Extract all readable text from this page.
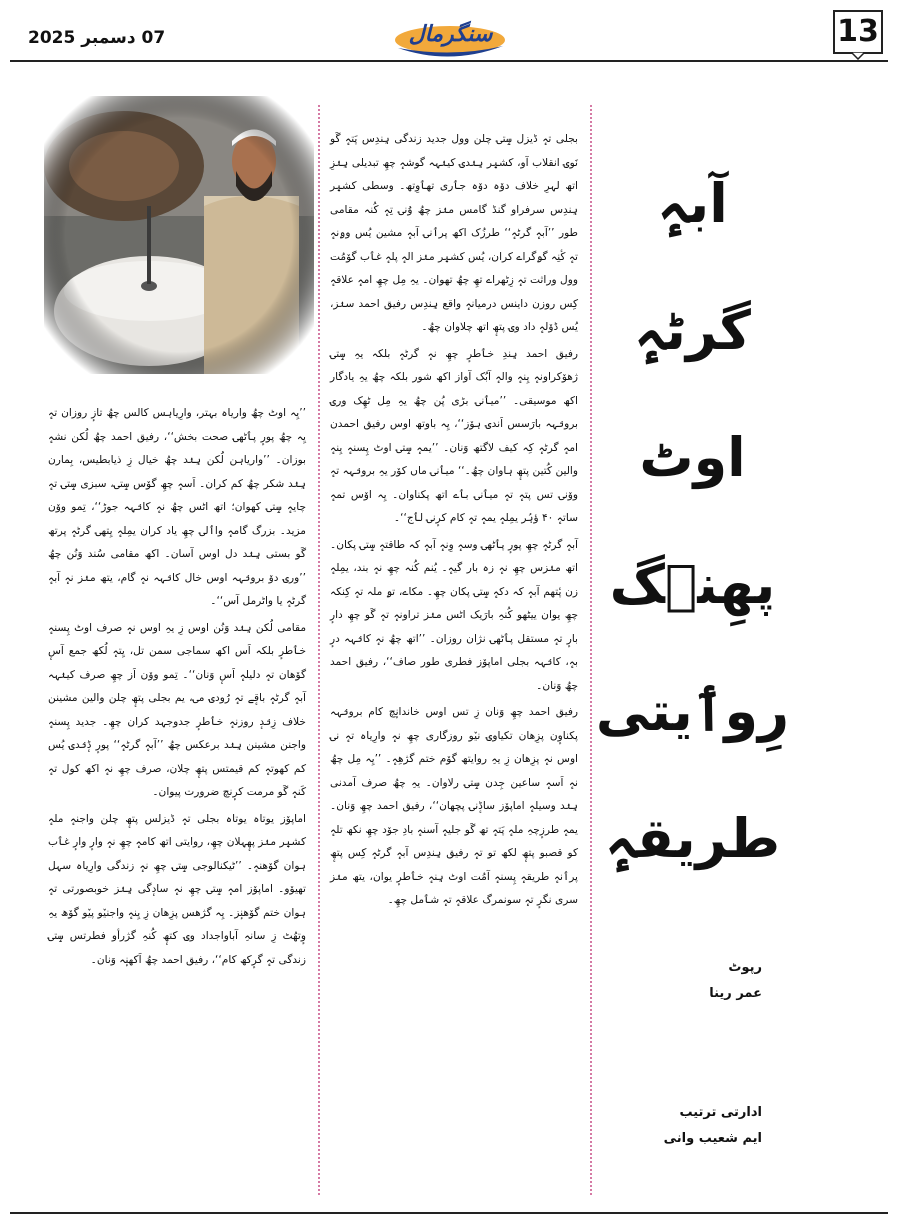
07 دسمبر 2025	سنگرمال	13

’’یِہ اوٹ چھُ واریاہ بہتر، وارِیاہس کالس چھُ تازٕ روزان تہٕ یِہ چھُ پورٕ پٲٹھۍ صحت بخش‘‘، رفیق احمد چھُ لُکن نشہٕ بوزان۔ ’’واریاہن لُکن ہِنٛد چھُ خیال زِ ذیابطیس، بِمارن ہِنٛد شکر چھُ کم کران۔ اَسہٕ چھِ گوٚس سٟتۍ، سبزی سٟتۍ تہٕ چایہٕ سٟتۍ کھوان؛ اتھ اٹس چھُ نہٕ کانٛہہ جوڑ‘‘، تِمو ووٚن مزید۔ بزرگ گامہٕ واٲلۍ چھِ یاد کران یمِلہٕ یِتھۍ گرٹہٕ پرتھ گَو بستی ہِنٛد دل اوس آسان۔ اکھ مقامی سُند وَنُن چھُ ’’ورۍ دوٚ برونٛہہ اوس خال کانٛہہ نہٕ گام، یتھ منٛز نہٕ آبہٕ گرٹہٕ یا واٹرمل آس‘‘۔

مقامی لُکن ہِنٛد وَنُن اوس زِ یہِ اوس نہٕ صرف اوٹ پِسنہٕ خٲطرٕ بلکہ اَس اکھ سماجی سمن تل، یِتہٕ لُکھ جمع آسٕ گوٚھان تہٕ دلیلہٕ اَسٕ وَنان‘‘۔ تِمو ووٚن اَز چھِ صرف کینٛہہ آبہٕ گرٹہٕ باقٕے تہٕ رُودۍ مۍ، یم بجلی پتھٕ چلن والین مشینن خلاف زِنٛدٕ روزنہٕ خٲطرٕ جدوجہد کران چھِ۔ جدید پِسنہٕ واجنن مشینن ہِنٛد برعکس چھُ ’’آبہٕ گرٹہٕ‘‘ پورٕ ڈٕنٛدۍ یُس کم کھوتہٕ کم قیمتس پتھٕ چلان، صرف چھِ نہٕ اکھ کول تہٕ کَنہٕ گَو مرمت کرٕنچ ضرورت پیوان۔

اماپوٚز یوتاہ یوتاہ بجلی تہٕ ڈیزلس پتھٕ چلن واجنہٕ ملہٕ کشیٖر منٛز پھٕہلان چھِ، روایتی اتھ کامہٕ چھِ نہٕ وارٕ وارٕ غٲب ہوان گوٚھنہٕ۔ ’’ٹیکنالوجی سٟتۍ چھِ نہٕ زندگی وارِیاہ سہل تھیوٚو۔ اماپوٚز امہٕ سٟتۍ چھِ نہٕ سادٕگی ہِنٛز خوبصورتی تہٕ ہوان ختم گوٚھنٕز۔ یِہ گژھس پزِھان زِ یِنہٕ واجنیٚو پیٚو گوٚھ یہِ وٕتھُٹ زِ سانہِ آباواجداد وۍ کتھٕ کُنہِ گژرأو فطرتس سٟتۍ زندگی تہٕ گرٕکھ کام‘‘، رفیق احمد چھُ اَکھنٕہ وَنان۔

بجلی تہٕ ڈیزل سٟتۍ چلن وول جدید زندگی ہِندِس پَتہٕ گَو نَوۍ انقلاب آو، کشیٖر ہِنٛدۍ کینٛہہ گوشہٕ چھِ تبدیلی ہِنٛزِ اتھ لہرِ خلاف دوٚہ دوٚہ جٲری تھٲوِتھ۔ وسطی کشیٖر ہِندِس سرفراو گنڈ گامس منٛز چھُ وُنۍ تِہٕ کُنہ مقامی طور ’’آبہٕ گرٹہٕ‘‘ طرزُک اکھ پرٲنۍ آبہٕ مشین یُس وۄنہٕ تہٕ کٔنِہ گۄگراے کران، یُس کشیٖر منٛز الہٕ پلہٕ غٲب گوٚمُت وول وراثت تہٕ زِٹھراے تھِ چھُ تھوان۔ یہِ مِل چھِ امہٕ علاقہٕ کِس روزن داینس درمیانہٕ واقع ہِندِس رفیق احمد سنٛز، یُس ڈوٚلہٕ داد وۍ پتھٕ اتھ چلاوان چھُ۔

رفیق احمد ہِندِ خٲطرٕ چھِ نہٕ گرٹہٕ بلکہ یہِ سٟتۍ ژھوٚکراونہٕ یِنہٕ والہٕ آبُک آواز اکھ شور بلکہ چھُ یہِ یادگار اکھ موسیقی۔ ’’میٲنۍ بڑی پُن چھُ یہِ مِل ٹھِک ورۍ برونٛہہ بارَسس اَندۍ ہوٚز‘‘، یِہ باوتھ اوس رفیق احمدن امہٕ گرٹہٕ کِہ کیف لاگتھ وَنان۔ ’’یمہٕ سٟتۍ اوٹ پِسنہٕ یِنہٕ والین کُتین پتھٕ ہاوان چھُ۔‘‘ میٲنۍ ماں کوٚر یہِ برونٛہہ تہٕ ووٚنۍ تس پتہٕ تہٕ میٲنۍ بٲے اتھ پکناوان۔ یِہ اوٚس تمہٕ ساتہٕ ۴۰ ؤہُر یمِلہٕ یمہٕ تہٕ کام کرٕنۍ لٲج‘‘۔

آبہٕ گرٹہٕ چھِ پورٕ پٲٹھۍ وسہٕ وِنہٕ آبہٕ کہ طاقتہٕ سٟتۍ پکان۔ اتھ منٛزس چھِ نہٕ زہ بار گیہٕ۔ یُنم کُنہ چھِ نہٕ بند، یمِلہٕ زن پٔتھم آبہٕ کہ دکہٕ سٟتۍ پکان چھِ۔ مکاے، تۄ ملہ تہٕ کِنکہ چھِ یوان ییٹھو کُنہِ بارَیک اٹس منٛز تراونہٕ تہٕ گَو چھِ دارٕ بارٕ تہٕ مستقل پٲٹھۍ نژان روزان۔ ’’اتھ چھُ نہٕ کانٛہہ درٕ بہٕ، کانٛہہ بجلی اماپوٚز فطری طور صاف‘‘، رفیق احمد چھُ وَنان۔

رفیق احمد چھِ وَنان زِ تس اوس خاندانٕچ کام برونٛہہ پکناوٕن پزِھان تکیاوۍ نیٚو روزگاری چھِ نہٕ وارِیاہ تہٕ نۍ اوس نہٕ پزِھان زِ یہِ روایتھ گوٚم ختم گژھِہٕ۔ ’’یِہ مِل چھُ نہٕ اَسہٕ ساعین جِدن سٟتۍ رلاوان۔ یہِ چھُ صرف آمدنی ہِنٛد وسیلہٕ اماپوٚز ساڈٕنۍ پچھان‘‘، رفیق احمد چھِ وَنان۔ یمہٕ طرزٕچہِ ملہٕ پَتہٕ تھ گَو جلیہٕ آسنہٕ بادِ جوٚد چھِ نکھ تلہٕ کو قصبو پتھٕ لکھ تو تہٕ رفیق ہِندِس آبہٕ گرٹہٕ کِس پتھٕ پرٲنہٕ طریقہٕ پِسنہٕ آمُت اوٹ ہِنہٕ خٲطرٕ یوان، یتھ منٛز سری نگرٕ تہٕ سونمرگ علاقہٕ تہٕ شٲمل چھِ۔

آبہٕ
گرٹہٕ
اوٹ
پھِنٛگ
رِوٲیتی
طریقہٕ
رپوٹ
عمر رینا
ادارتی ترتیب
ایم شعیب وانی
